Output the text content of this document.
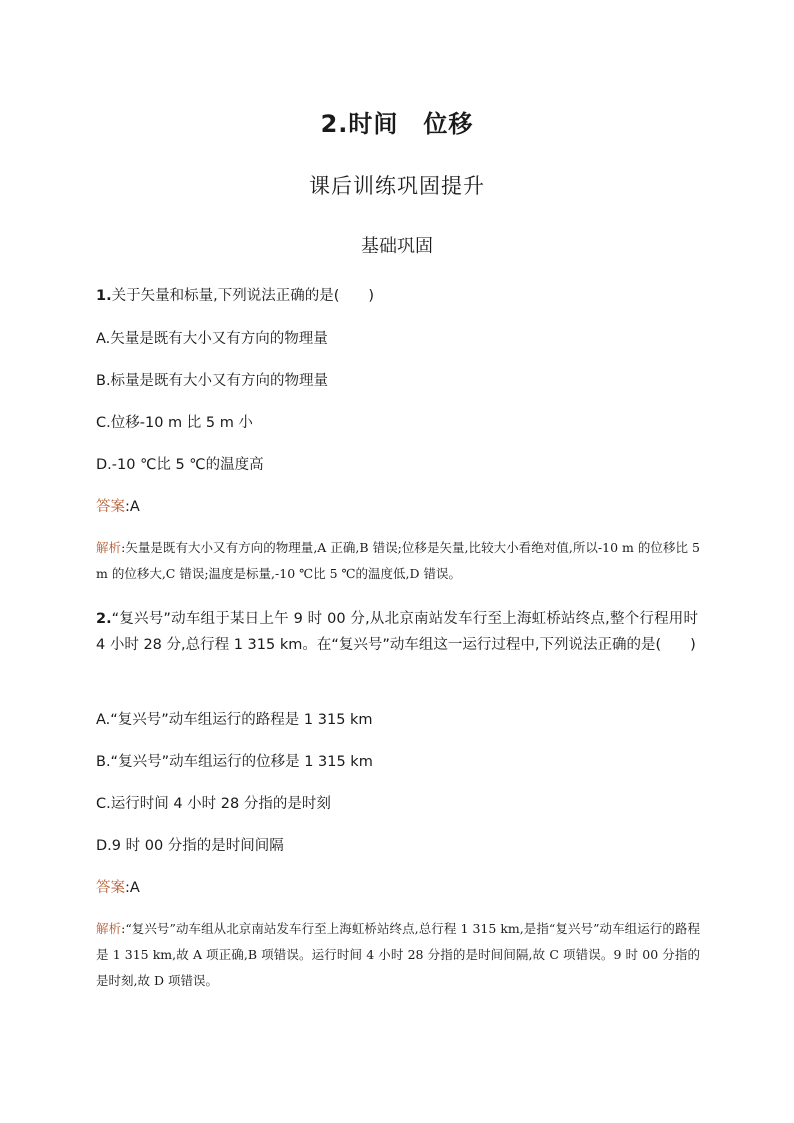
2.时间　位移
课后训练巩固提升
基础巩固
1.关于矢量和标量,下列说法正确的是(　　)
A.矢量是既有大小又有方向的物理量
B.标量是既有大小又有方向的物理量
C.位移-10 m 比 5 m 小
D.-10 ℃比 5 ℃的温度高
答案:A
解析:矢量是既有大小又有方向的物理量,A 正确,B 错误;位移是矢量,比较大小看绝对值,所以-10 m 的位移比 5 m 的位移大,C 错误;温度是标量,-10 ℃比 5 ℃的温度低,D 错误。
2.“复兴号”动车组于某日上午 9 时 00 分,从北京南站发车行至上海虹桥站终点,整个行程用时 4 小时 28 分,总行程 1 315 km。在“复兴号”动车组这一运行过程中,下列说法正确的是(　　)
A.“复兴号”动车组运行的路程是 1 315 km
B.“复兴号”动车组运行的位移是 1 315 km
C.运行时间 4 小时 28 分指的是时刻
D.9 时 00 分指的是时间间隔
答案:A
解析:“复兴号”动车组从北京南站发车行至上海虹桥站终点,总行程 1 315 km,是指“复兴号”动车组运行的路程是 1 315 km,故 A 项正确,B 项错误。运行时间 4 小时 28 分指的是时间间隔,故 C 项错误。9 时 00 分指的是时刻,故 D 项错误。
